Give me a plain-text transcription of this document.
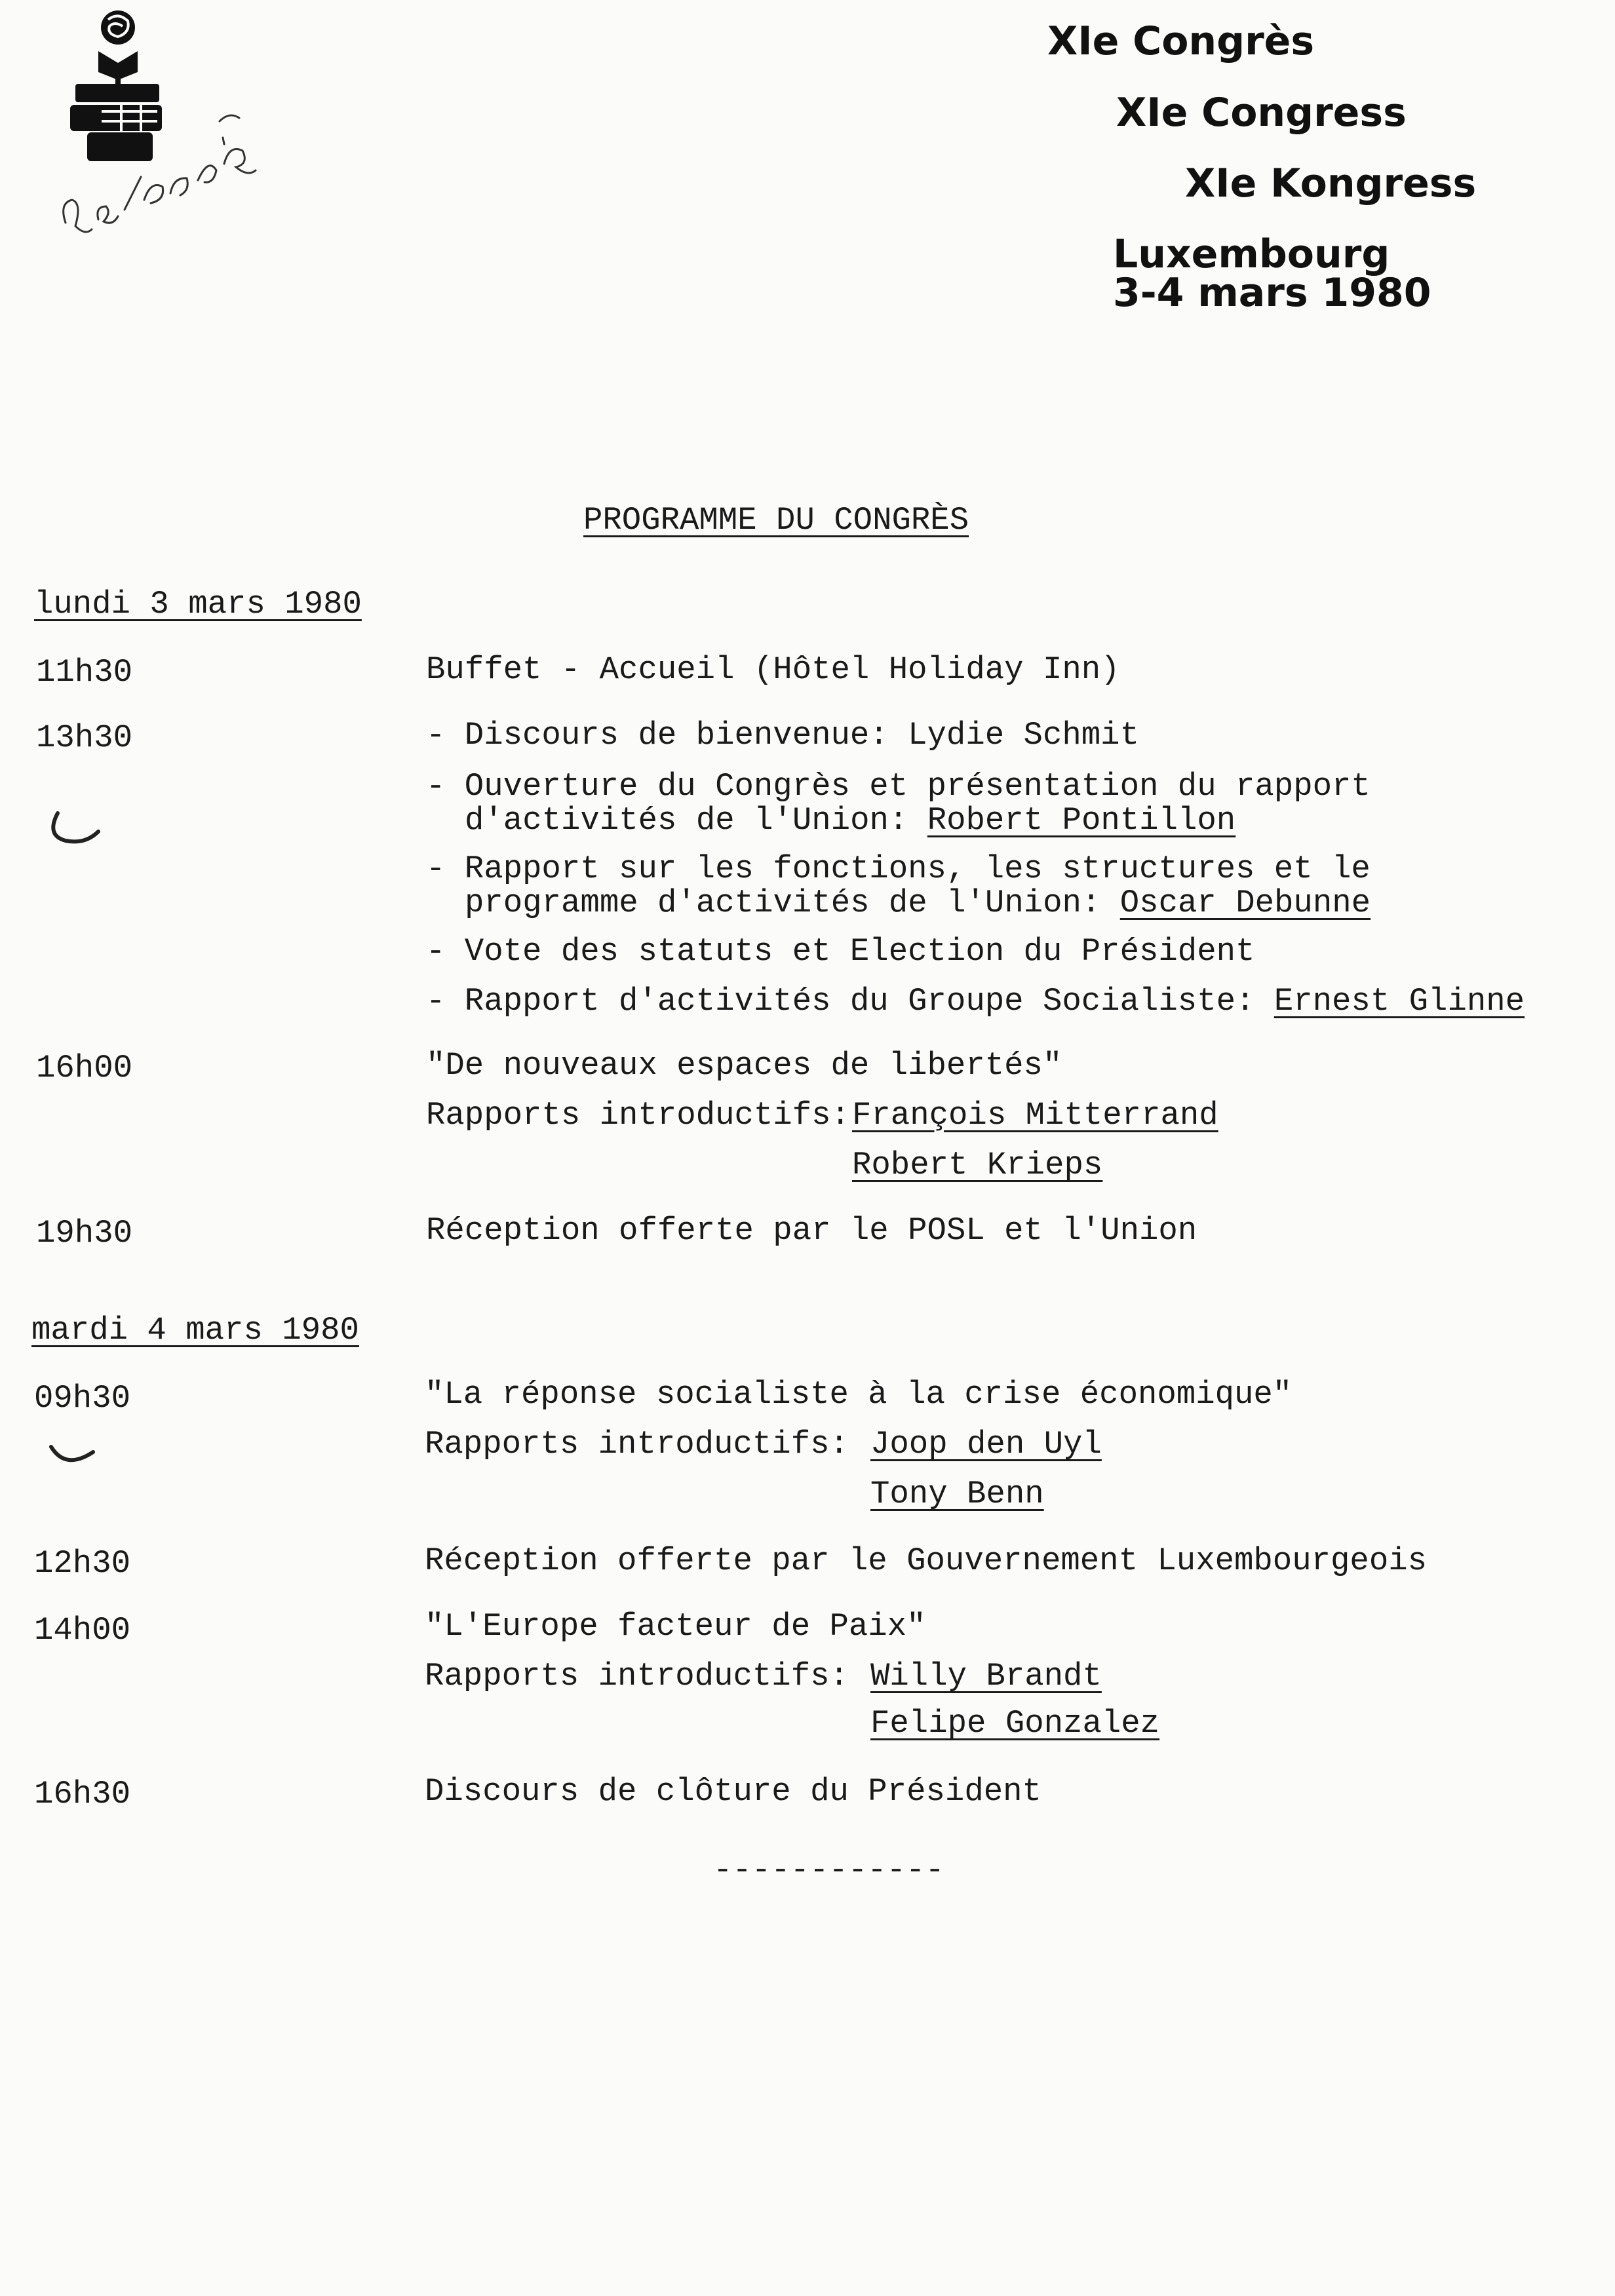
XIe Congrès

XIe Congress

XIe Kongress

Luxembourg

3-4 mars 1980

PROGRAMME DU CONGRÈS

lundi 3 mars 1980

11h30	Buffet - Accueil (Hôtel Holiday Inn)

13h30	- Discours de bienvenue: Lydie Schmit

- Ouverture du Congrès et présentation du rapport

d'activités de l'Union: Robert Pontillon

- Rapport sur les fonctions, les structures et le

programme d'activités de l'Union: Oscar Debunne

- Vote des statuts et Election du Président

- Rapport d'activités du Groupe Socialiste: Ernest Glinne

16h00	"De nouveaux espaces de libertés"

Rapports introductifs: François Mitterrand

Robert Krieps

19h30	Réception offerte par le POSL et l'Union

mardi 4 mars 1980

09h30	"La réponse socialiste à la crise économique"

Rapports introductifs: Joop den Uyl

Tony Benn

12h30	Réception offerte par le Gouvernement Luxembourgeois

14h00	"L'Europe facteur de Paix"

Rapports introductifs: Willy Brandt

Felipe Gonzalez

16h30	Discours de clôture du Président

------------
